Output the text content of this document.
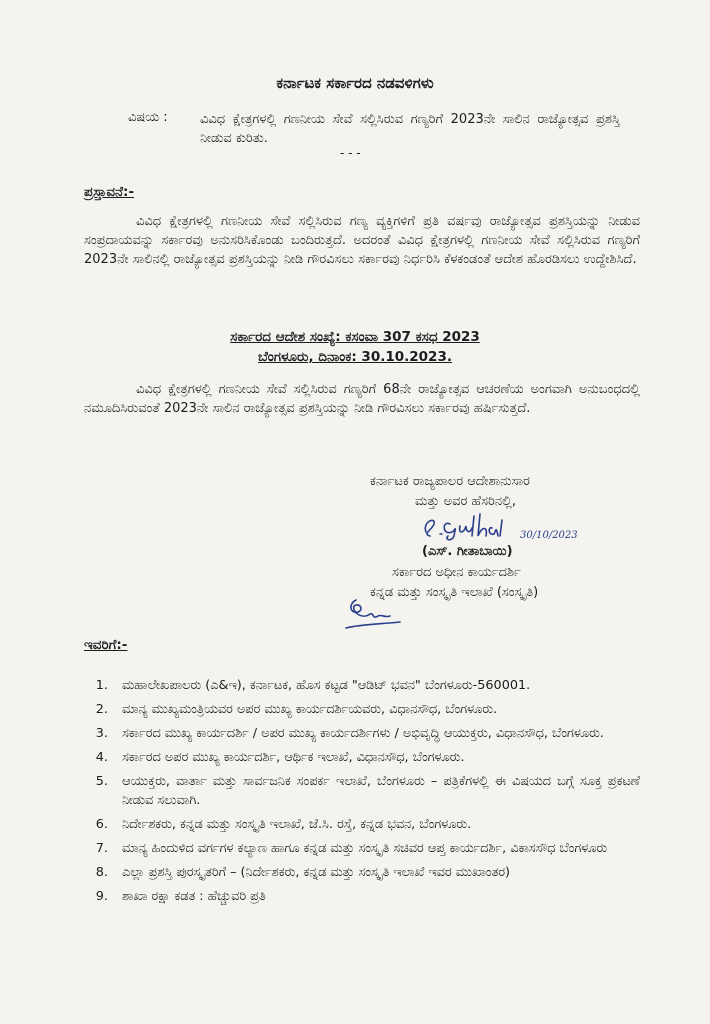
ಕರ್ನಾಟಕ ಸರ್ಕಾರದ ನಡವಳಿಗಳು
ವಿಷಯ : ವಿವಿಧ ಕ್ಷೇತ್ರಗಳಲ್ಲಿ ಗಣನೀಯ ಸೇವೆ ಸಲ್ಲಿಸಿರುವ ಗಣ್ಯರಿಗೆ 2023ನೇ ಸಾಲಿನ ರಾಜ್ಯೋತ್ಸವ ಪ್ರಶಸ್ತಿ ನೀಡುವ ಕುರಿತು.
- - -
ಪ್ರಸ್ತಾವನೆ:-

ವಿವಿಧ ಕ್ಷೇತ್ರಗಳಲ್ಲಿ ಗಣನೀಯ ಸೇವೆ ಸಲ್ಲಿಸಿರುವ ಗಣ್ಯ ವ್ಯಕ್ತಿಗಳಿಗೆ ಪ್ರತಿ ವರ್ಷವು ರಾಜ್ಯೋತ್ಸವ ಪ್ರಶಸ್ತಿಯನ್ನು ನೀಡುವ ಸಂಪ್ರದಾಯವನ್ನು ಸರ್ಕಾರವು ಅನುಸರಿಸಿಕೊಂಡು ಬಂದಿರುತ್ತದೆ. ಅದರಂತೆ ವಿವಿಧ ಕ್ಷೇತ್ರಗಳಲ್ಲಿ ಗಣನೀಯ ಸೇವೆ ಸಲ್ಲಿಸಿರುವ ಗಣ್ಯರಿಗೆ 2023ನೇ ಸಾಲಿನಲ್ಲಿ ರಾಜ್ಯೋತ್ಸವ ಪ್ರಶಸ್ತಿಯನ್ನು ನೀಡಿ ಗೌರವಿಸಲು ಸರ್ಕಾರವು ನಿರ್ಧರಿಸಿ ಕೆಳಕಂಡಂತೆ ಆದೇಶ ಹೊರಡಿಸಲು ಉದ್ದೇಶಿಸಿದೆ.

ಸರ್ಕಾರದ ಆದೇಶ ಸಂಖ್ಯೆ: ಕಸಂವಾ 307 ಕಸಧ 2023
ಬೆಂಗಳೂರು, ದಿನಾಂಕ: 30.10.2023.

ವಿವಿಧ ಕ್ಷೇತ್ರಗಳಲ್ಲಿ ಗಣನೀಯ ಸೇವೆ ಸಲ್ಲಿಸಿರುವ ಗಣ್ಯರಿಗೆ 68ನೇ ರಾಜ್ಯೋತ್ಸವ ಆಚರಣೆಯ ಅಂಗವಾಗಿ ಅನುಬಂಧದಲ್ಲಿ ನಮೂದಿಸಿರುವಂತೆ 2023ನೇ ಸಾಲಿನ ರಾಜ್ಯೋತ್ಸವ ಪ್ರಶಸ್ತಿಯನ್ನು ನೀಡಿ ಗೌರವಿಸಲು ಸರ್ಕಾರವು ಹರ್ಷಿಸುತ್ತದೆ.

ಕರ್ನಾಟಕ ರಾಜ್ಯಪಾಲರ ಆದೇಶಾನುಸಾರ
ಮತ್ತು ಅವರ ಹೆಸರಿನಲ್ಲಿ,
30/10/2023
(ಎಸ್. ಗೀತಾಬಾಯಿ)
ಸರ್ಕಾರದ ಅಧೀನ ಕಾರ್ಯದರ್ಶಿ
ಕನ್ನಡ ಮತ್ತು ಸಂಸ್ಕೃತಿ ಇಲಾಖೆ (ಸಂಸ್ಕೃತಿ)
ಇವರಿಗೆ:-
1. ಮಹಾಲೇಖಪಾಲರು (ಎ&ಇ), ಕರ್ನಾಟಕ, ಹೊಸ ಕಟ್ಟಡ "ಆಡಿಟ್ ಭವನ" ಬೆಂಗಳೂರು-560001.
2. ಮಾನ್ಯ ಮುಖ್ಯಮಂತ್ರಿಯವರ ಅಪರ ಮುಖ್ಯ ಕಾರ್ಯದರ್ಶಿಯವರು, ವಿಧಾನಸೌಧ, ಬೆಂಗಳೂರು.
3. ಸರ್ಕಾರದ ಮುಖ್ಯ ಕಾರ್ಯದರ್ಶಿ / ಅಪರ ಮುಖ್ಯ ಕಾರ್ಯದರ್ಶಿಗಳು / ಅಭಿವೃದ್ಧಿ ಆಯುಕ್ತರು, ವಿಧಾನಸೌಧ, ಬೆಂಗಳೂರು.
4. ಸರ್ಕಾರದ ಅಪರ ಮುಖ್ಯ ಕಾರ್ಯದರ್ಶಿ, ಆರ್ಥಿಕ ಇಲಾಖೆ, ವಿಧಾನಸೌಧ, ಬೆಂಗಳೂರು.
5. ಆಯುಕ್ತರು, ವಾರ್ತಾ ಮತ್ತು ಸಾರ್ವಜನಿಕ ಸಂಪರ್ಕ ಇಲಾಖೆ, ಬೆಂಗಳೂರು – ಪತ್ರಿಕೆಗಳಲ್ಲಿ ಈ ವಿಷಯದ ಬಗ್ಗೆ ಸೂಕ್ತ ಪ್ರಕಟಣೆ ನೀಡುವ ಸಲುವಾಗಿ.
6. ನಿರ್ದೇಶಕರು, ಕನ್ನಡ ಮತ್ತು ಸಂಸ್ಕೃತಿ ಇಲಾಖೆ, ಜೆ.ಸಿ. ರಸ್ತೆ, ಕನ್ನಡ ಭವನ, ಬೆಂಗಳೂರು.
7. ಮಾನ್ಯ ಹಿಂದುಳಿದ ವರ್ಗಗಳ ಕಲ್ಯಾಣ ಹಾಗೂ ಕನ್ನಡ ಮತ್ತು ಸಂಸ್ಕೃತಿ ಸಚಿವರ ಆಪ್ತ ಕಾರ್ಯದರ್ಶಿ, ವಿಕಾಸಸೌಧ ಬೆಂಗಳೂರು
8. ಎಲ್ಲಾ ಪ್ರಶಸ್ತಿ ಪುರಸ್ಕೃತರಿಗೆ – (ನಿರ್ದೇಶಕರು, ಕನ್ನಡ ಮತ್ತು ಸಂಸ್ಕೃತಿ ಇಲಾಖೆ ಇವರ ಮುಖಾಂತರ)
9. ಶಾಖಾ ರಕ್ಷಾ ಕಡತ : ಹೆಚ್ಚುವರಿ ಪ್ರತಿ
